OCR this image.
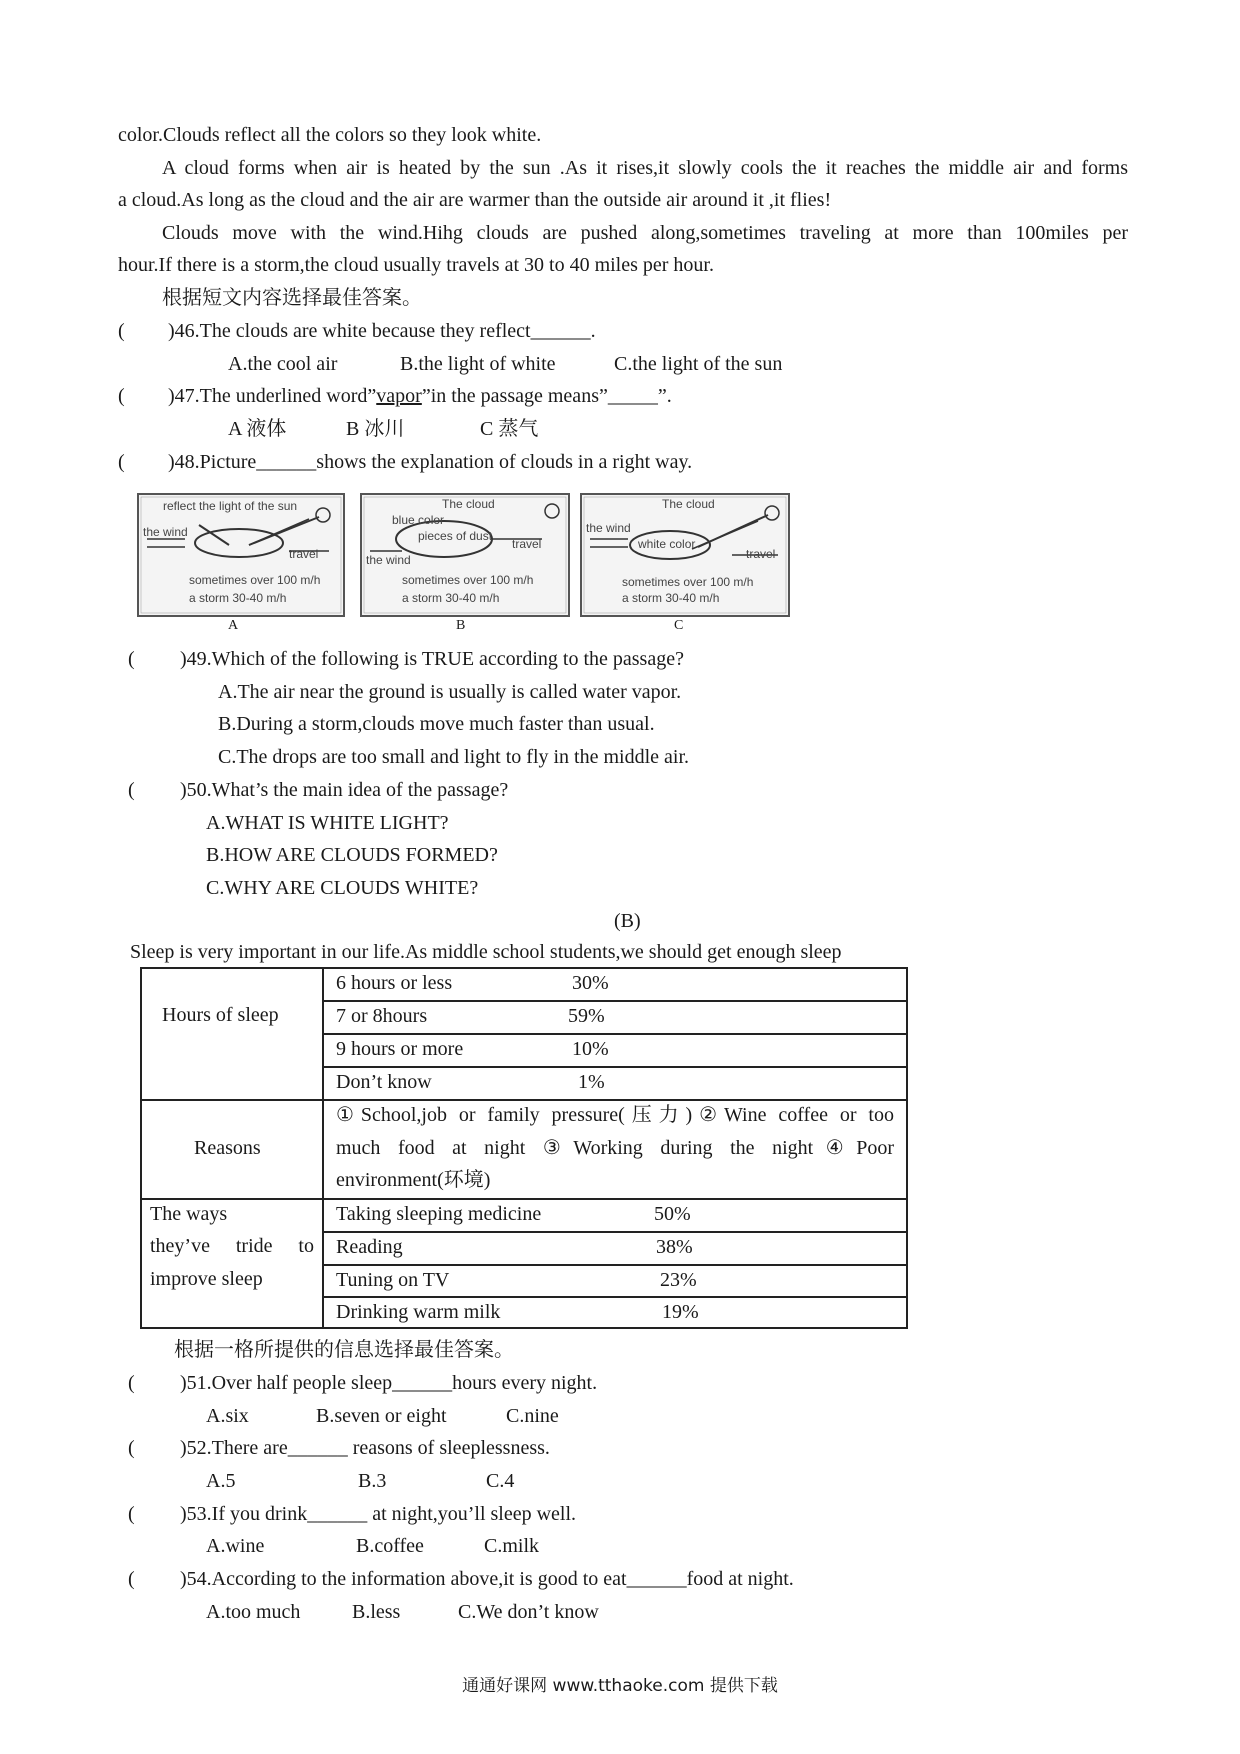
color.Clouds reflect all the colors so they look white.
A cloud forms when air is heated by the sun .As it rises,it slowly cools the it reaches the middle air and forms
a cloud.As long as the cloud and the air are warmer than the outside air around it ,it flies!
Clouds move with the wind.Hihg clouds are pushed along,sometimes traveling at more than 100miles per
hour.If there is a storm,the cloud usually travels at 30 to 40 miles per hour.
根据短文内容选择最佳答案。
( )46.The clouds are white because they reflect______.
A.the cool air	B.the light of white	C.the light of the sun
( )47.The underlined word”vapor”in the passage means”_____”.
A 液体	B 冰川	C 蒸气
( )48.Picture______shows the explanation of clouds in a right way.
reflect the light of the sun
the wind
travel
sometimes over 100 m/h
a storm 30-40 m/h
A
The cloud
blue color
pieces of dust
travel
the wind
sometimes over 100 m/h
a storm 30-40 m/h
B
The cloud
the wind
white color
travel
sometimes over 100 m/h
a storm 30-40 m/h
C
( )49.Which of the following is TRUE according to the passage?
A.The air near the ground is usually is called water vapor.
B.During a storm,clouds move much faster than usual.
C.The drops are too small and light to fly in the middle air.
( )50.What’s the main idea of the passage?
A.WHAT IS WHITE LIGHT?
B.HOW ARE CLOUDS FORMED?
C.WHY ARE CLOUDS WHITE?
(B)
Sleep is very important in our life.As middle school students,we should get enough sleep
Hours of sleep
6 hours or less	30%
7 or 8hours	59%
9 hours or more	10%
Don’t know	1%
Reasons
①School,job or family pressure(压力)②Wine coffee or too
much food at night ③Working during the night④Poor
environment(环境)
The ways
they’ve tride to
improve sleep
Taking sleeping medicine	50%
Reading	38%
Tuning on TV	23%
Drinking warm milk	19%
根据一格所提供的信息选择最佳答案。
( )51.Over half people sleep______hours every night.
A.six	B.seven or eight	C.nine
( )52.There are______ reasons of sleeplessness.
A.5	B.3	C.4
( )53.If you drink______ at night,you’ll sleep well.
A.wine	B.coffee	C.milk
( )54.According to the information above,it is good to eat______food at night.
A.too much	B.less	C.We don’t know
通通好课网 www.tthaoke.com 提供下载
